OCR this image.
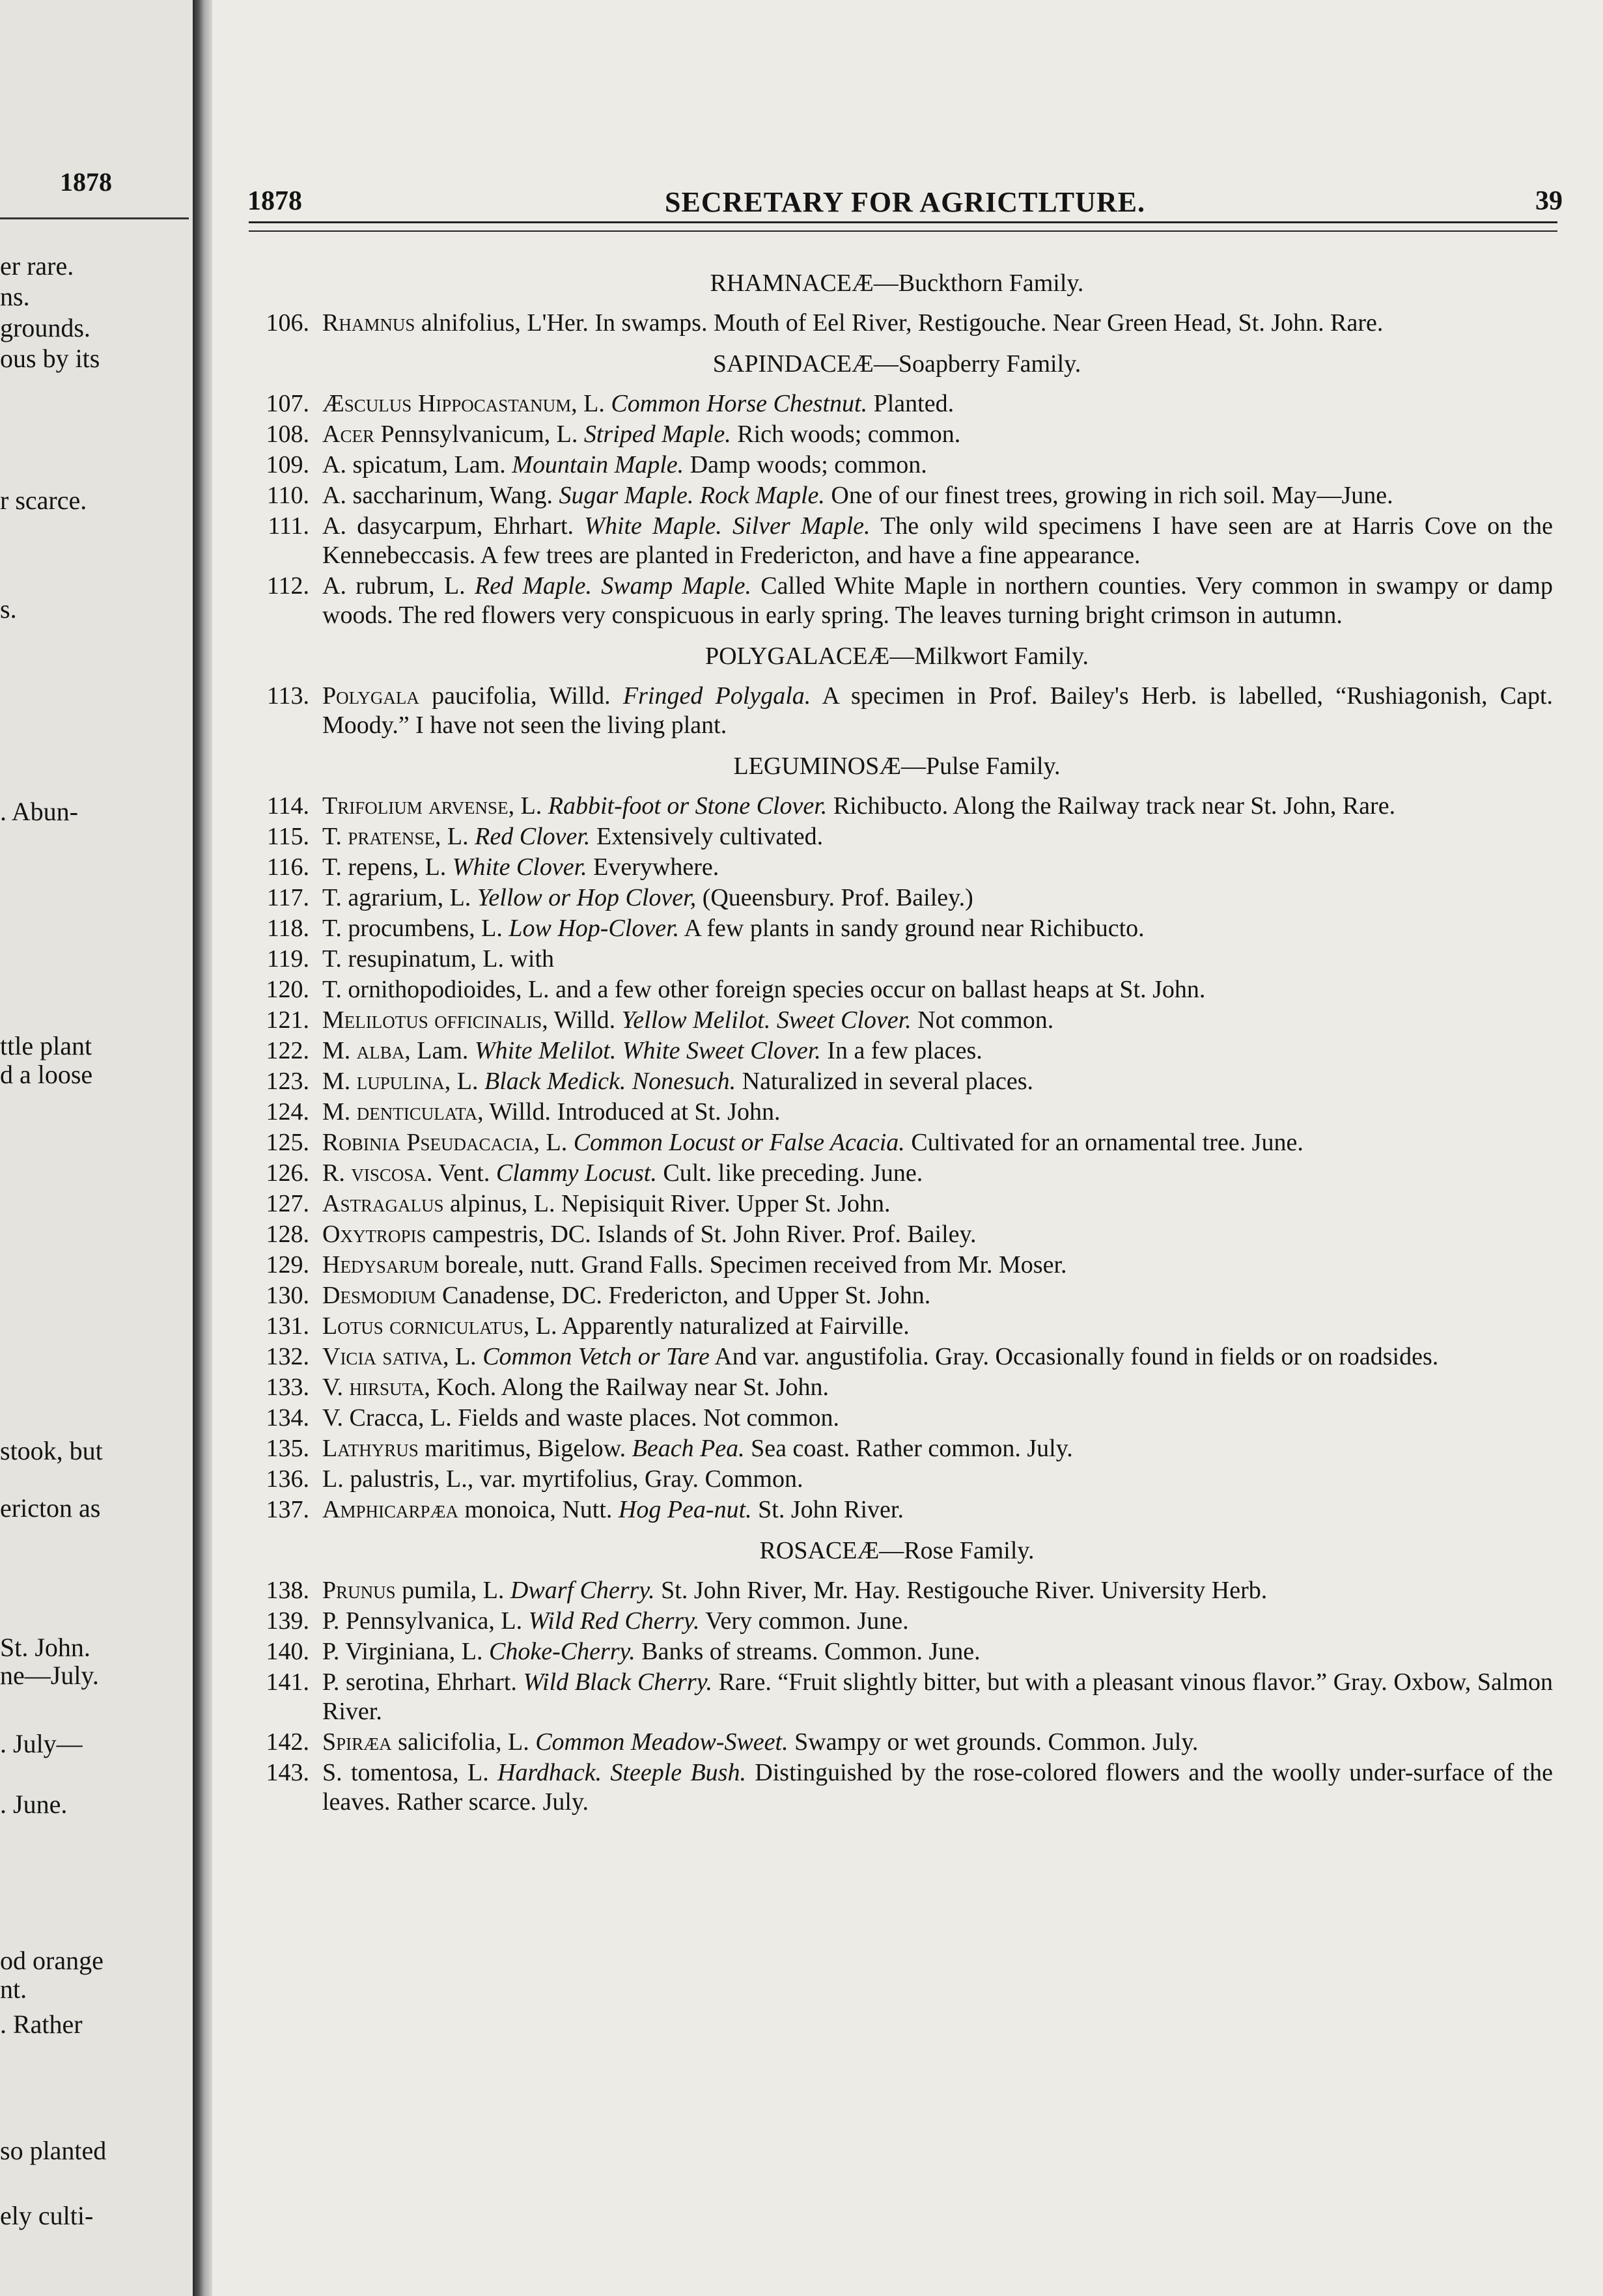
1878
er rare.
ns.
grounds.
ous by its
r scarce.
s.
. Abun-
ttle plant
d a loose
stook, but
ericton as
St. John.
ne—July.
. July—
. June.
od orange
nt.
. Rather
so planted
ely culti-
1878	SECRETARY FOR AGRICTLTURE.	39
RHAMNACEÆ—Buckthorn Family.
106. Rhamnus alnifolius, L'Her. In swamps. Mouth of Eel River, Restigouche. Near Green Head, St. John. Rare.
SAPINDACEÆ—Soapberry Family.
107. Æsculus Hippocastanum, L. Common Horse Chestnut. Planted.
108. Acer Pennsylvanicum, L. Striped Maple. Rich woods; common.
109. A. spicatum, Lam. Mountain Maple. Damp woods; common.
110. A. saccharinum, Wang. Sugar Maple. Rock Maple. One of our finest trees, growing in rich soil. May—June.
111. A. dasycarpum, Ehrhart. White Maple. Silver Maple. The only wild specimens I have seen are at Harris Cove on the Kennebeccasis. A few trees are planted in Fredericton, and have a fine appearance.
112. A. rubrum, L. Red Maple. Swamp Maple. Called White Maple in northern counties. Very common in swampy or damp woods. The red flowers very conspicuous in early spring. The leaves turning bright crimson in autumn.
POLYGALACEÆ—Milkwort Family.
113. Polygala paucifolia, Willd. Fringed Polygala. A specimen in Prof. Bailey's Herb. is labelled, “Rushiagonish, Capt. Moody.” I have not seen the living plant.
LEGUMINOSÆ—Pulse Family.
114. Trifolium arvense, L. Rabbit-foot or Stone Clover. Richibucto. Along the Railway track near St. John, Rare.
115. T. pratense, L. Red Clover. Extensively cultivated.
116. T. repens, L. White Clover. Everywhere.
117. T. agrarium, L. Yellow or Hop Clover, (Queensbury. Prof. Bailey.)
118. T. procumbens, L. Low Hop-Clover. A few plants in sandy ground near Richibucto.
119. T. resupinatum, L. with
120. T. ornithopodioides, L. and a few other foreign species occur on ballast heaps at St. John.
121. Melilotus officinalis, Willd. Yellow Melilot. Sweet Clover. Not common.
122. M. alba, Lam. White Melilot. White Sweet Clover. In a few places.
123. M. lupulina, L. Black Medick. Nonesuch. Naturalized in several places.
124. M. denticulata, Willd. Introduced at St. John.
125. Robinia Pseudacacia, L. Common Locust or False Acacia. Cultivated for an ornamental tree. June.
126. R. viscosa. Vent. Clammy Locust. Cult. like preceding. June.
127. Astragalus alpinus, L. Nepisiquit River. Upper St. John.
128. Oxytropis campestris, DC. Islands of St. John River. Prof. Bailey.
129. Hedysarum boreale, nutt. Grand Falls. Specimen received from Mr. Moser.
130. Desmodium Canadense, DC. Fredericton, and Upper St. John.
131. Lotus corniculatus, L. Apparently naturalized at Fairville.
132. Vicia sativa, L. Common Vetch or Tare And var. angustifolia. Gray. Occasionally found in fields or on roadsides.
133. V. hirsuta, Koch. Along the Railway near St. John.
134. V. Cracca, L. Fields and waste places. Not common.
135. Lathyrus maritimus, Bigelow. Beach Pea. Sea coast. Rather common. July.
136. L. palustris, L., var. myrtifolius, Gray. Common.
137. Amphicarpæa monoica, Nutt. Hog Pea-nut. St. John River.
ROSACEÆ—Rose Family.
138. Prunus pumila, L. Dwarf Cherry. St. John River, Mr. Hay. Restigouche River. University Herb.
139. P. Pennsylvanica, L. Wild Red Cherry. Very common. June.
140. P. Virginiana, L. Choke-Cherry. Banks of streams. Common. June.
141. P. serotina, Ehrhart. Wild Black Cherry. Rare. “Fruit slightly bitter, but with a pleasant vinous flavor.” Gray. Oxbow, Salmon River.
142. Spiræa salicifolia, L. Common Meadow-Sweet. Swampy or wet grounds. Common. July.
143. S. tomentosa, L. Hardhack. Steeple Bush. Distinguished by the rose-colored flowers and the woolly under-surface of the leaves. Rather scarce. July.
